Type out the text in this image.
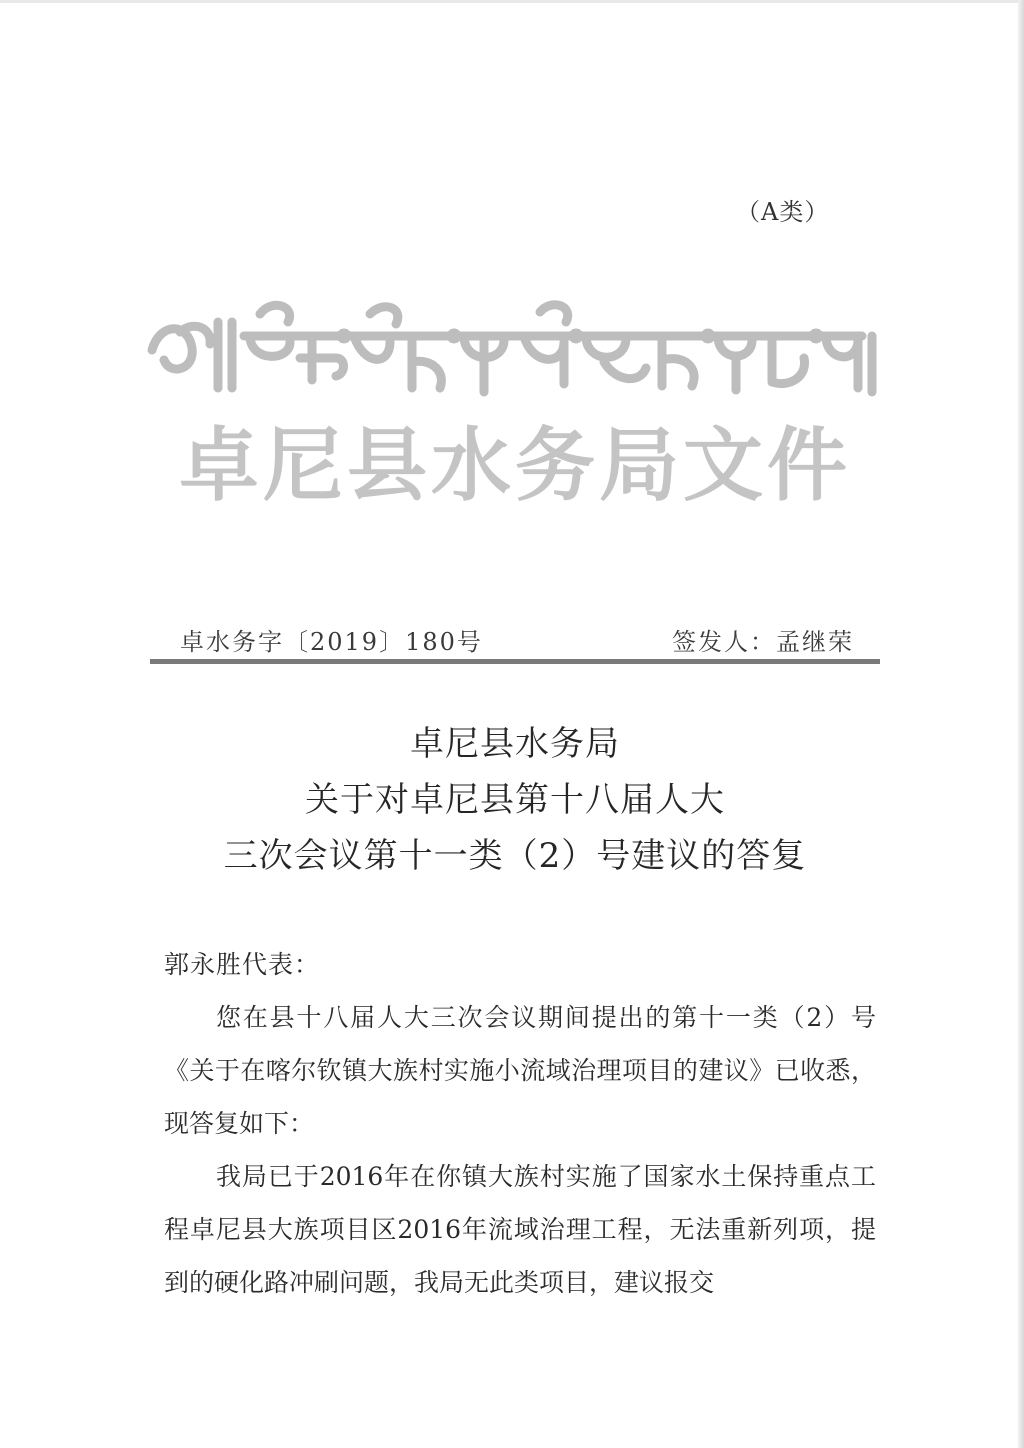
（A类）
卓尼县水务局文件
卓水务字〔2019〕180号	签发人：孟继荣
卓尼县水务局
关于对卓尼县第十八届人大
三次会议第十一类（2）号建议的答复

郭永胜代表：

您在县十八届人大三次会议期间提出的第十一类（2）号《关于在喀尔钦镇大族村实施小流域治理项目的建议》已收悉，现答复如下：

我局已于2016年在你镇大族村实施了国家水土保持重点工程卓尼县大族项目区2016年流域治理工程，无法重新列项，提到的硬化路冲刷问题，我局无此类项目，建议报交
